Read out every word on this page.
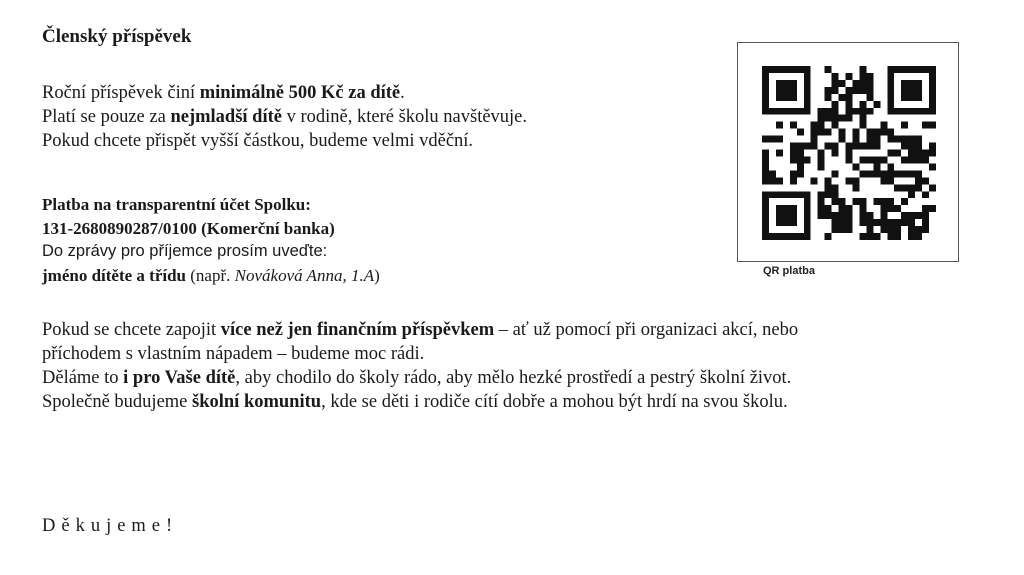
Členský příspěvek
Roční příspěvek činí minimálně 500 Kč za dítě.
Platí se pouze za nejmladší dítě v rodině, které školu navštěvuje.
Pokud chcete přispět vyšší částkou, budeme velmi vděční.
Platba na transparentní účet Spolku:
131-2680890287/0100 (Komerční banka)
Do zprávy pro příjemce prosím uveďte:
jméno dítěte a třídu (např. Nováková Anna, 1.A)
Pokud se chcete zapojit více než jen finančním příspěvkem – ať už pomocí při organizaci akcí, nebo
příchodem s vlastním nápadem – budeme moc rádi.
Děláme to i pro Vaše dítě, aby chodilo do školy rádo, aby mělo hezké prostředí a pestrý školní život.
Společně budujeme školní komunitu, kde se děti i rodiče cítí dobře a mohou být hrdí na svou školu.
Děkujeme!
QR platba
